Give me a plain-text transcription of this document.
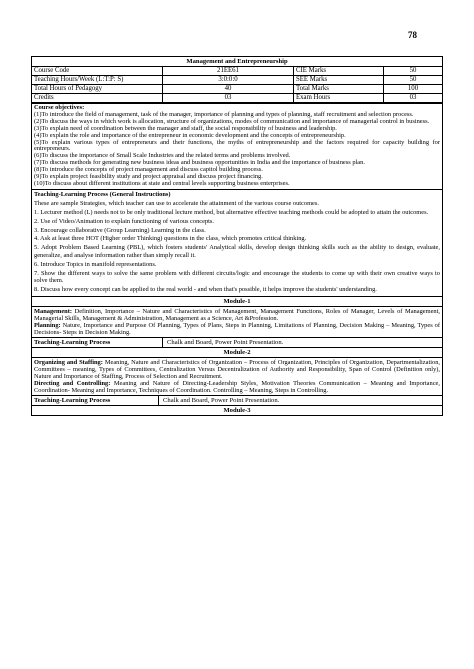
78
Management and Entrepreneurship
Course Code	21EE61	CIE Marks	50
Teaching Hours/Week (L:T:P: S)	3:0:0:0	SEE Marks	50
Total Hours of Pedagogy	40	Total Marks	100
Credits	03	Exam Hours	03

Course objectives:

(1)To introduce the field of management, task of the manager, importance of planning and types of planning, staff recruitment and selection process.

(2)To discuss the ways in which work is allocation, structure of organizations, modes of communication and importance of managerial control in business.

(3)To explain need of coordination between the manager and staff, the social responsibility of business and leadership.

(4)To explain the role and importance of the entrepreneur in economic development and the concepts of entrepreneurship.

(5)To explain various types of entrepreneurs and their functions, the myths of entrepreneurship and the factors required for capacity building for entrepreneurs.

(6)To discuss the importance of Small Scale Industries and the related terms and problems involved.

(7)To discuss methods for generating new business ideas and business opportunities in India and the importance of business plan.

(8)To introduce the concepts of project management and discuss capitol building process.

(9)To explain project feasibility study and project appraisal and discuss project financing.

(10)To discuss about different institutions at state and central levels supporting business enterprises.

Teaching-Learning Process (General Instructions)

These are sample Strategies, which teacher can use to accelerate the attainment of the various course outcomes.

1. Lecturer method (L) needs not to be only traditional lecture method, but alternative effective teaching methods could be adopted to attain the outcomes.

2. Use of Video/Animation to explain functioning of various concepts.

3. Encourage collaborative (Group Learning) Learning in the class.

4. Ask at least three HOT (Higher order Thinking) questions in the class, which promotes critical thinking.

5. Adopt Problem Based Learning (PBL), which fosters students' Analytical skills, develop design thinking skills such as the ability to design, evaluate, generalize, and analyse information rather than simply recall it.

6. Introduce Topics in manifold representations.

7. Show the different ways to solve the same problem with different circuits/logic and encourage the students to come up with their own creative ways to solve them.

8. Discuss how every concept can be applied to the real world - and when that's possible, it helps improve the students' understanding.

Module-1

Management: Definition, Importance – Nature and Characteristics of Management, Management Functions, Roles of Manager, Levels of Management, Managerial Skills, Management & Administration, Management as a Science, Art &Profession.

Planning: Nature, Importance and Purpose Of Planning, Types of Plans, Steps in Planning, Limitations of Planning, Decision Making – Meaning, Types of Decisions- Steps in Decision Making.

Teaching-Learning Process	Chalk and Board, Power Point Presentation.
Module-2

Organizing and Staffing: Meaning, Nature and Characteristics of Organization – Process of Organization, Principles of Organization, Departmentalization, Committees – meaning, Types of Committees, Centralization Versus Decentralization of Authority and Responsibility, Span of Control (Definition only), Nature and Importance of Staffing, Process of Selection and Recruitment.

Directing and Controlling: Meaning and Nature of Directing-Leadership Styles, Motivation Theories Communication – Meaning and Importance, Coordination- Meaning and Importance, Techniques of Coordination. Controlling – Meaning, Steps in Controlling.

Teaching-Learning Process	Chalk and Board, Power Point Presentation.
Module-3
